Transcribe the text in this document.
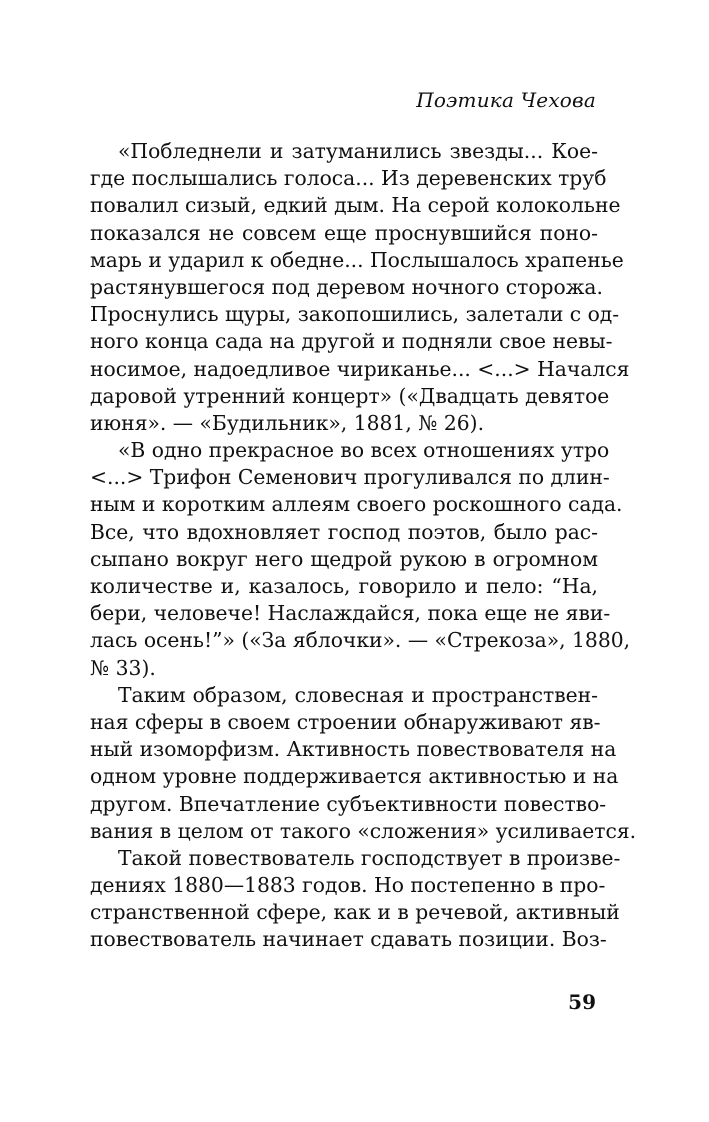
Поэтика Чехова
«Побледнели и затуманились звезды... Кое-
где послышались голоса... Из деревенских труб
повалил сизый, едкий дым. На серой колокольне
показался не совсем еще проснувшийся поно-
марь и ударил к обедне... Послышалось храпенье
растянувшегося под деревом ночного сторожа.
Проснулись щуры, закопошились, залетали с од-
ного конца сада на другой и подняли свое невы-
носимое, надоедливое чириканье... <...> Начался
даровой утренний концерт» («Двадцать девятое
июня». — «Будильник», 1881, № 26).
«В одно прекрасное во всех отношениях утро
<...> Трифон Семенович прогуливался по длин-
ным и коротким аллеям своего роскошного сада.
Все, что вдохновляет господ поэтов, было рас-
сыпано вокруг него щедрой рукою в огромном
количестве и, казалось, говорило и пело: “На,
бери, человече! Наслаждайся, пока еще не яви-
лась осень!”» («За яблочки». — «Стрекоза», 1880,
№ 33).
Таким образом, словесная и пространствен-
ная сферы в своем строении обнаруживают яв-
ный изоморфизм. Активность повествователя на
одном уровне поддерживается активностью и на
другом. Впечатление субъективности повество-
вания в целом от такого «сложения» усиливается.
Такой повествователь господствует в произве-
дениях 1880—1883 годов. Но постепенно в про-
странственной сфере, как и в речевой, активный
повествователь начинает сдавать позиции. Воз-
59
